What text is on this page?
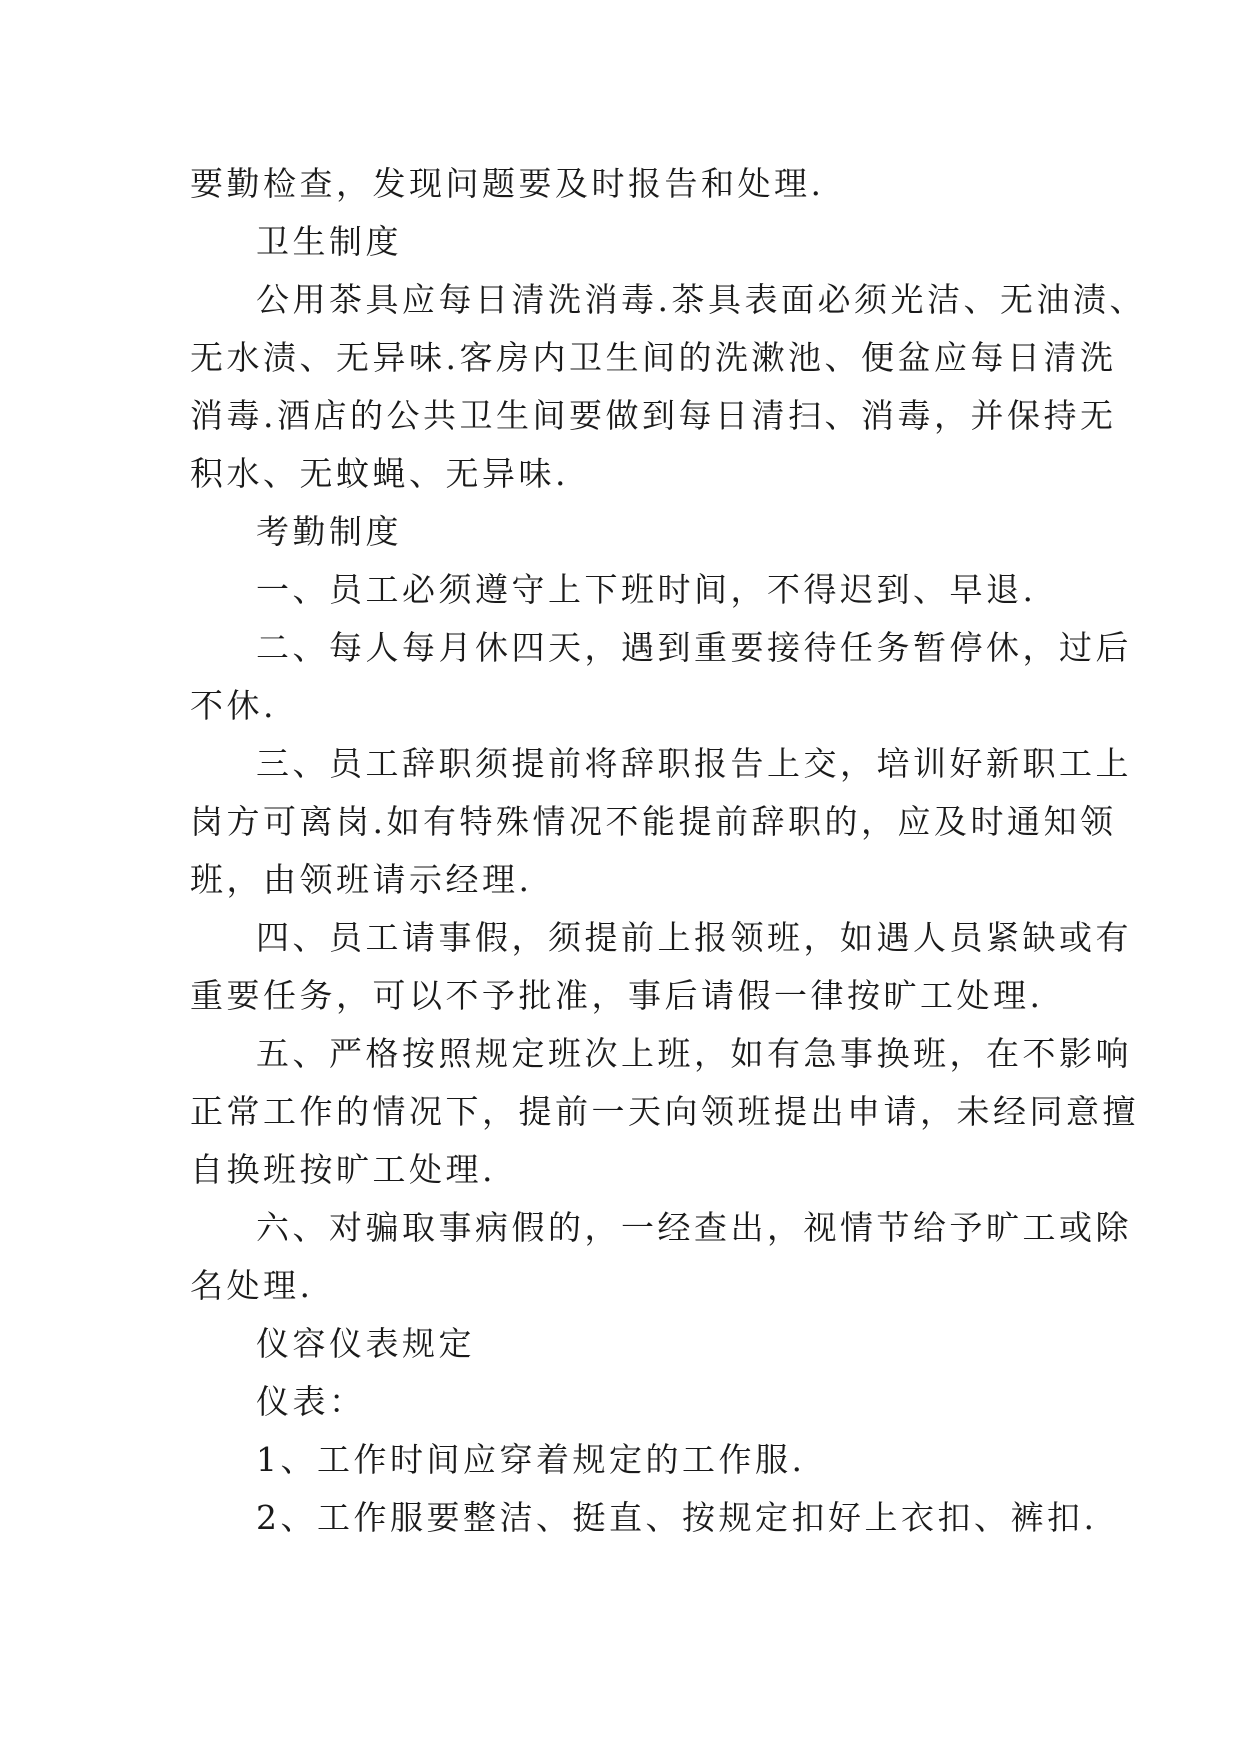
要勤检查，发现问题要及时报告和处理.
卫生制度
公用茶具应每日清洗消毒.茶具表面必须光洁、无油渍、
无水渍、无异味.客房内卫生间的洗漱池、便盆应每日清洗
消毒.酒店的公共卫生间要做到每日清扫、消毒，并保持无
积水、无蚊蝇、无异味.
考勤制度
一、员工必须遵守上下班时间，不得迟到、早退.
二、每人每月休四天，遇到重要接待任务暂停休，过后
不休.
三、员工辞职须提前将辞职报告上交，培训好新职工上
岗方可离岗.如有特殊情况不能提前辞职的，应及时通知领
班，由领班请示经理.
四、员工请事假，须提前上报领班，如遇人员紧缺或有
重要任务，可以不予批准，事后请假一律按旷工处理.
五、严格按照规定班次上班，如有急事换班，在不影响
正常工作的情况下，提前一天向领班提出申请，未经同意擅
自换班按旷工处理.
六、对骗取事病假的，一经查出，视情节给予旷工或除
名处理.
仪容仪表规定
仪表：
1、工作时间应穿着规定的工作服.
2、工作服要整洁、挺直、按规定扣好上衣扣、裤扣.
